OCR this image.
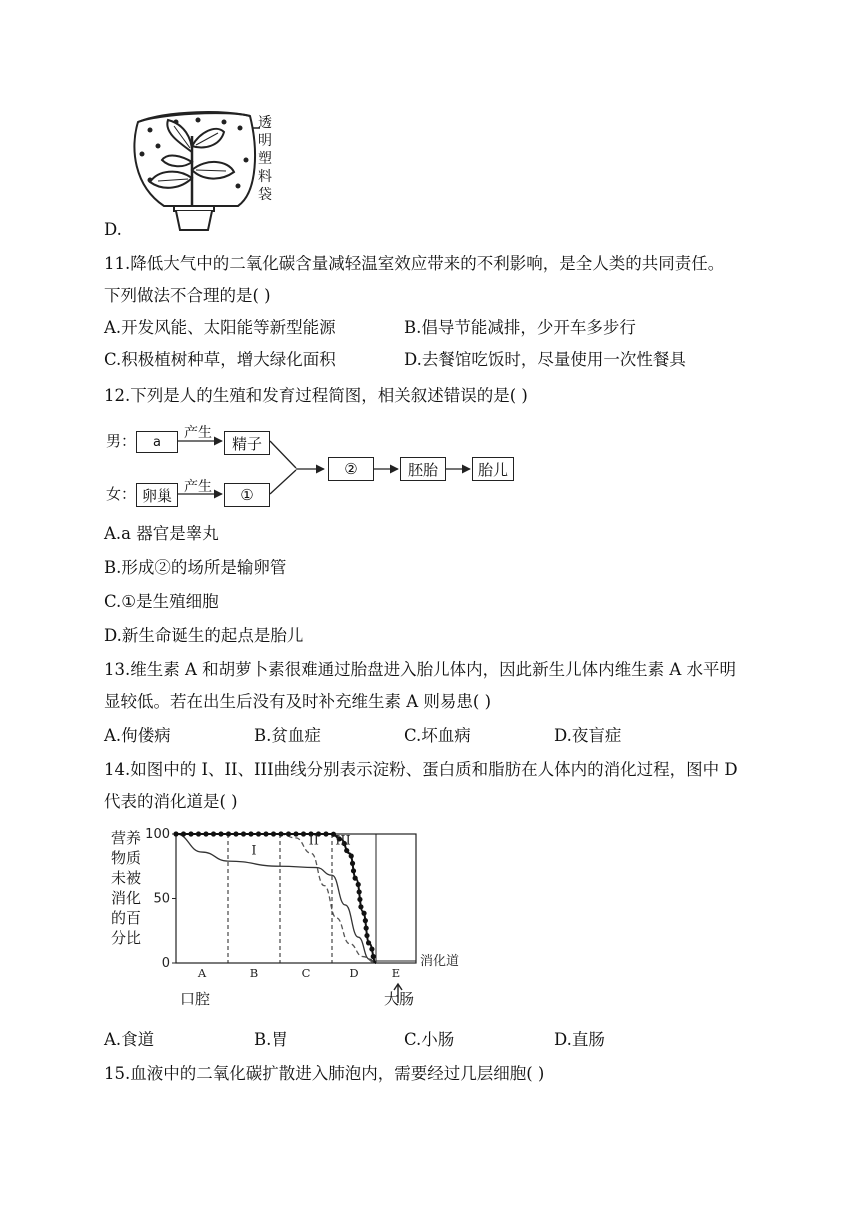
透明塑料袋
D.
11.降低大气中的二氧化碳含量减轻温室效应带来的不利影响，是全人类的共同责任。
下列做法不合理的是( )
A.开发风能、太阳能等新型能源	B.倡导节能减排，少开车多步行
C.积极植树种草，增大绿化面积	D.去餐馆吃饭时，尽量使用一次性餐具
12.下列是人的生殖和发育过程简图，相关叙述错误的是( )
男：
女：
a
产生
精子
卵巢 产生	①
②	胚胎	胎儿
A.a 器官是睾丸
B.形成②的场所是输卵管
C.①是生殖细胞
D.新生命诞生的起点是胎儿
13.维生素 A 和胡萝卜素很难通过胎盘进入胎儿体内，因此新生儿体内维生素 A 水平明
显较低。若在出生后没有及时补充维生素 A 则易患( )
A.佝偻病	B.贫血症	C.坏血病	D.夜盲症
14.如图中的 I、II、III曲线分别表示淀粉、蛋白质和脂肪在人体内的消化过程，图中 D
代表的消化道是( )
营养物质未被消化的百分比
100
50
0
A	B	C	D	E
消化道
I
II III
口腔	大肠
A.食道	B.胃	C.小肠	D.直肠
15.血液中的二氧化碳扩散进入肺泡内，需要经过几层细胞( )
